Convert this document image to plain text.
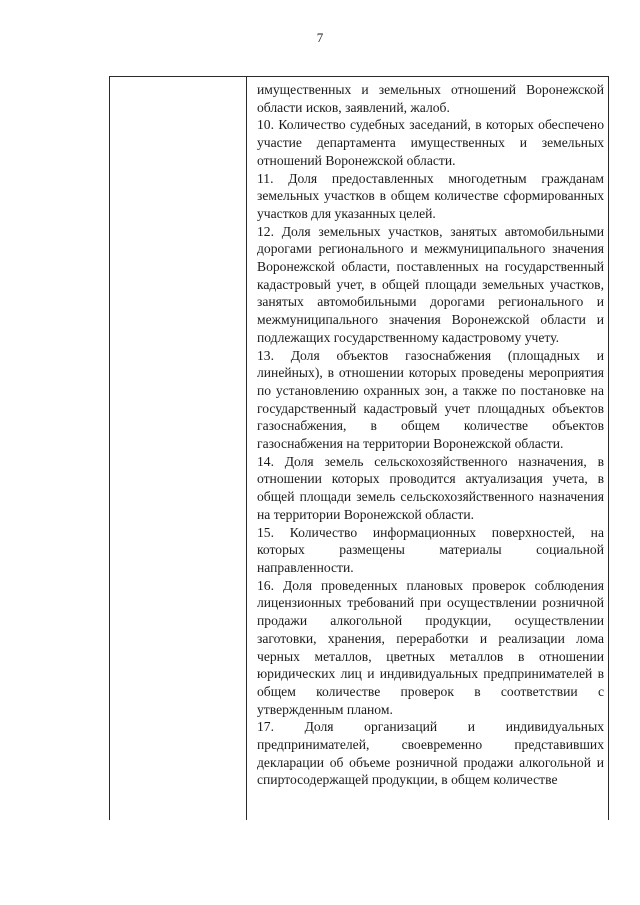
7

имущественных и земельных отношений Воронежской области исков, заявлений, жалоб.

10. Количество судебных заседаний, в которых обеспечено участие департамента имущественных и земельных отношений Воронежской области.

11. Доля предоставленных многодетным гражданам земельных участков в общем количестве сформированных участков для указанных целей.

12. Доля земельных участков, занятых автомобильными дорогами регионального и межмуниципального значения Воронежской области, поставленных на государственный кадастровый учет, в общей площади земельных участков, занятых автомобильными дорогами регионального и межмуниципального значения Воронежской области и подлежащих государственному кадастровому учету.

13. Доля объектов газоснабжения (площадных и линейных), в отношении которых проведены мероприятия по установлению охранных зон, а также по постановке на государственный кадастровый учет площадных объектов газоснабжения, в общем количестве объектов газоснабжения на территории Воронежской области.

14. Доля земель сельскохозяйственного назначения, в отношении которых проводится актуализация учета, в общей площади земель сельскохозяйственного назначения на территории Воронежской области.

15. Количество информационных поверхностей, на которых размещены материалы социальной направленности.

16. Доля проведенных плановых проверок соблюдения лицензионных требований при осуществлении розничной продажи алкогольной продукции, осуществлении заготовки, хранения, переработки и реализации лома черных металлов, цветных металлов в отношении юридических лиц и индивидуальных предпринимателей в общем количестве проверок в соответствии с утвержденным планом.

17. Доля организаций и индивидуальных предпринимателей, своевременно представивших декларации об объеме розничной продажи алкогольной и спиртосодержащей продукции, в общем количестве
